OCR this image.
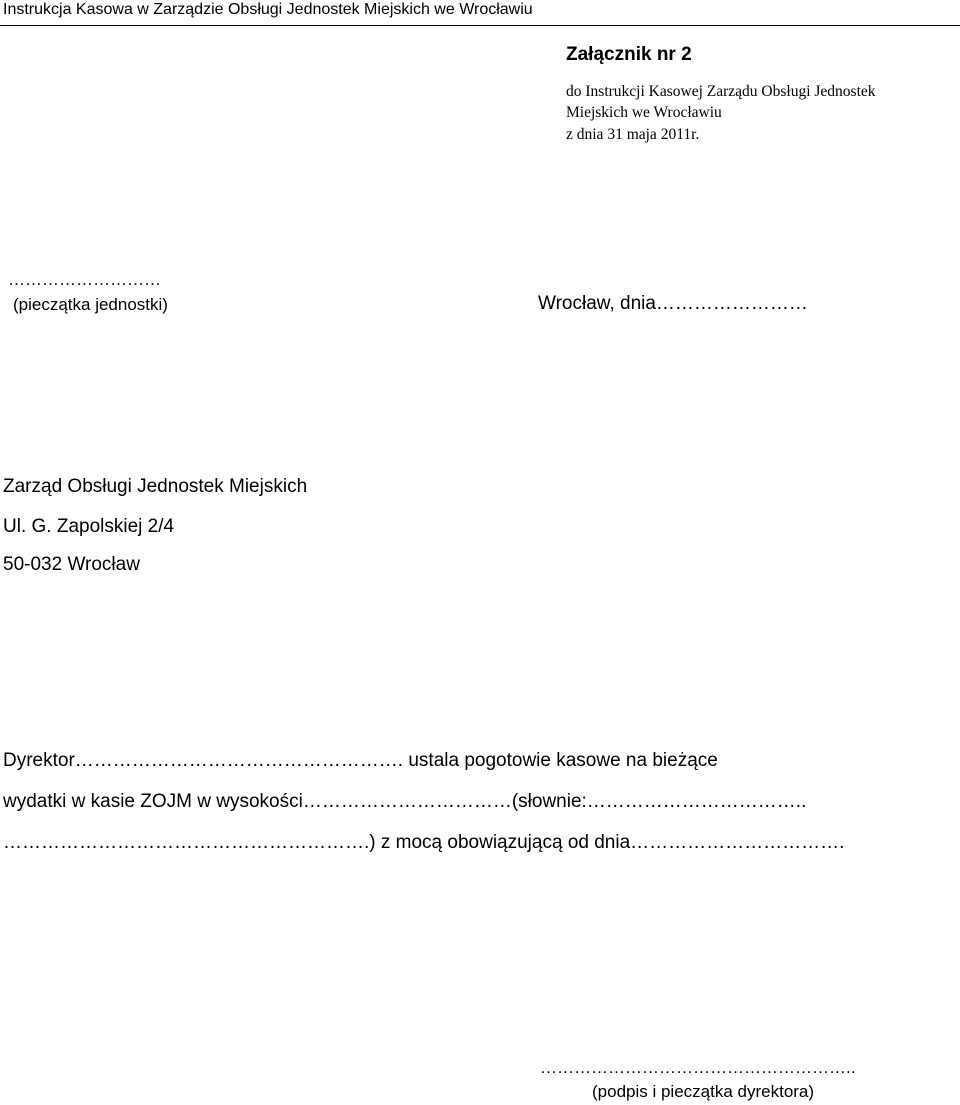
Instrukcja Kasowa w Zarządzie Obsługi Jednostek Miejskich we Wrocławiu
Załącznik nr 2
do Instrukcji Kasowej Zarządu Obsługi Jednostek
Miejskich we Wrocławiu
z dnia 31 maja 2011r.
………………………
(pieczątka jednostki)	Wrocław, dnia……………………
Zarząd Obsługi Jednostek Miejskich
Ul. G. Zapolskiej 2/4
50-032 Wrocław
Dyrektor……………………………………………. ustala pogotowie kasowe na bieżące
wydatki w kasie ZOJM w wysokości……………………………(słownie:……………………………..
………………………………………………….) z mocą obowiązującą od dnia…………………………….
………………………………………………..
(podpis i pieczątka dyrektora)
